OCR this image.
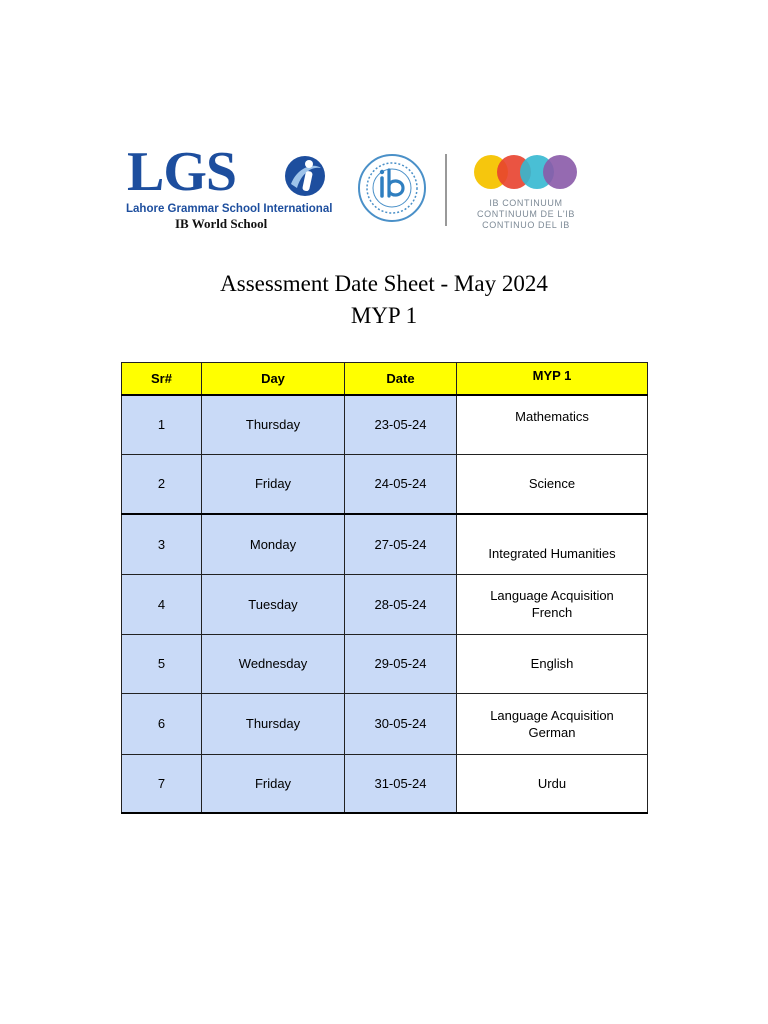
LGS
Lahore Grammar School International
IB World School
IB CONTINUUM
CONTINUUM DE L'IB
CONTINUO DEL IB
Assessment Date Sheet - May 2024
MYP 1
Sr#	Day	Date	MYP 1
1	Thursday	23-05-24	Mathematics

2	Friday	24-05-24	Science

3	Monday	27-05-24	Integrated Humanities

4	Tuesday	28-05-24	Language Acquisition
French

5	Wednesday	29-05-24	English

6	Thursday	30-05-24	Language Acquisition
German

7	Friday	31-05-24	Urdu
